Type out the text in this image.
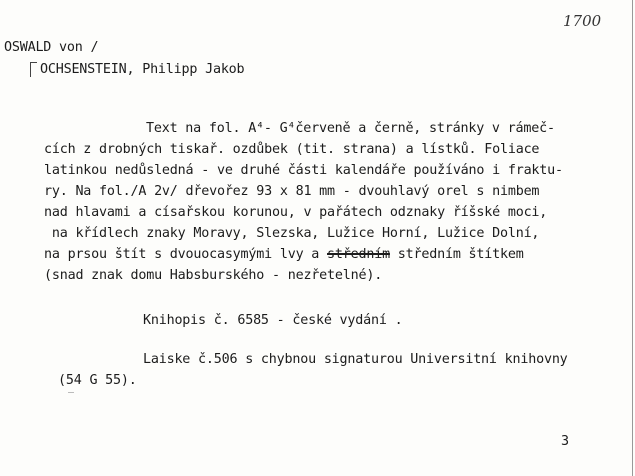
1700
OSWALD von /
OCHSENSTEIN, Philipp Jakob
Text na fol. A⁴- G⁴červeně a černě, stránky v rámeč-
cích z drobných tiskař. ozdůbek (tit. strana) a lístků. Foliace
latinkou nedůsledná - ve druhé části kalendáře používáno i fraktu-
ry. Na fol./A 2v/ dřevořez 93 x 81 mm - dvouhlavý orel s nimbem
nad hlavami a císařskou korunou, v pařátech odznaky říšské moci,
na křídlech znaky Moravy, Slezska, Lužice Horní, Lužice Dolní,
na prsou štít s dvouocasymými lvy a středním středním štítkem
(snad znak domu Habsburského - nezřetelné).
Knihopis č. 6585 - české vydání .
Laiske č.506 s chybnou signaturou Universitní knihovny
(54 G 55).
3
